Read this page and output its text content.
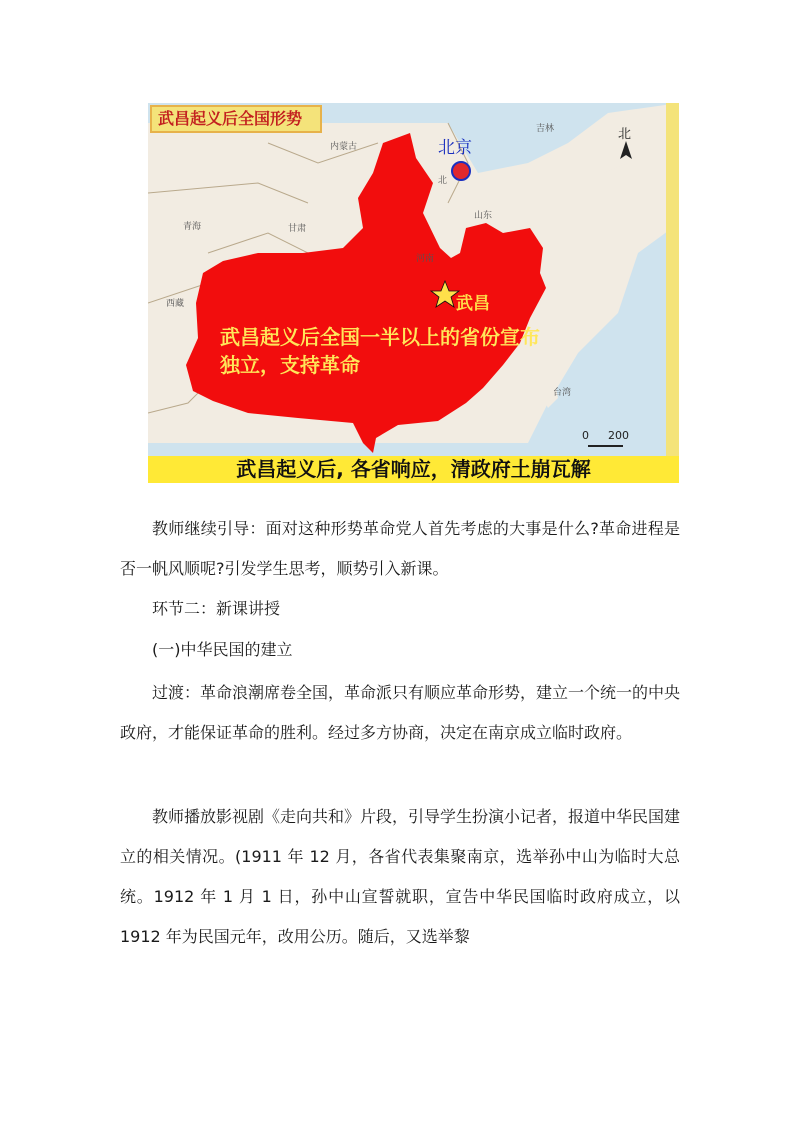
武昌起义后全国形势
内蒙古
吉林
青海	甘肃
山东
河南
西藏
台湾
北
北京
武昌
武昌起义后全国一半以上的省份宣布独立，支持革命
0 200
北
武昌起义后, 各省响应，清政府土崩瓦解
教师继续引导：面对这种形势革命党人首先考虑的大事是什么?革命进程是否一帆风顺呢?引发学生思考，顺势引入新课。
环节二：新课讲授
(一)中华民国的建立
过渡：革命浪潮席卷全国，革命派只有顺应革命形势，建立一个统一的中央政府，才能保证革命的胜利。经过多方协商，决定在南京成立临时政府。
教师播放影视剧《走向共和》片段，引导学生扮演小记者，报道中华民国建立的相关情况。(1911 年 12 月，各省代表集聚南京，选举孙中山为临时大总统。1912 年 1 月 1 日，孙中山宣誓就职，宣告中华民国临时政府成立，以 1912 年为民国元年，改用公历。随后，又选举黎
